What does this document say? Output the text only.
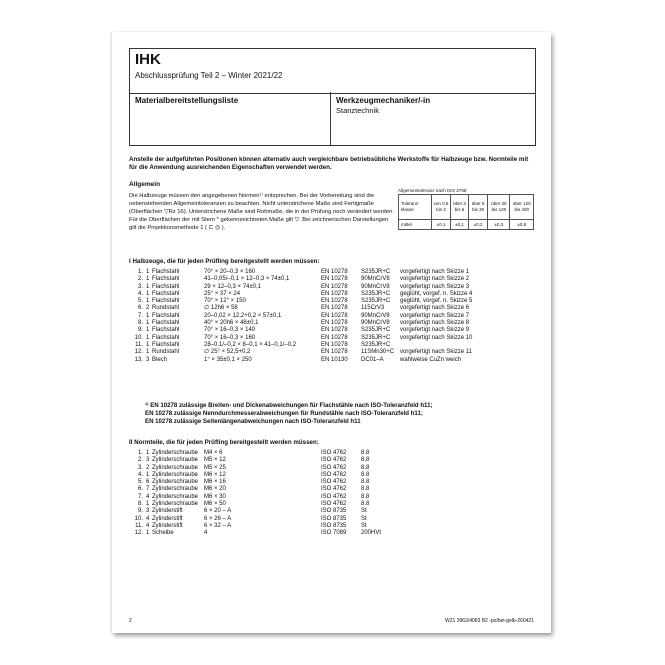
IHK
Abschlussprüfung Teil 2 – Winter 2021/22
Materialbereitstellungsliste	Werkzeugmechaniker/-in
Stanztechnik
Anstelle der aufgeführten Positionen können alternativ auch vergleichbare betriebsübliche Werkstoffe für Halbzeuge bzw. Normteile mit für die Anwendung ausreichenden Eigenschaften verwendet werden.
Allgemein

Die Halbzeuge müssen den angegebenen Normen¹⁾ entsprechen. Bei der Vorbereitung sind die nebenstehenden Allgemeintoleranzen zu beachten. Nicht unterstrichene Maße sind Fertigmaße (Oberflächen ▽Rz 16). Unterstrichene Maße sind Rohmaße, die in der Prüfung noch verändert werden. Für die Oberflächen der mit Stern * gekennzeichneten Maße gilt ▽. Bei zeichnerischen Darstellungen gilt die Projektionsmethode 1 ( ⊏ ◎ ).

Allgemeintoleranz nach ISO 2768
Toleranz-klasse	von 0,5 bis 3	über 3 bis 6	über 6 bis 30	über 30 bis 120	über 120 bis 400
mittel	±0,1	±0,1	±0,2	±0,3	±0,5
I Halbzeuge, die für jeden Prüfling bereitgestellt werden müssen:
1.	1	Flachstahl	70° × 20–0,3 × 160	EN 10278	S235JR+C	vorgefertigt nach Skizze 1
2.	1	Flachstahl	41–0,05/–0,1 × 12–0,3 × 74±0,1	EN 10278	90MnCrV8	vorgefertigt nach Skizze 2
3.	1	Flachstahl	29 × 12–0,3 × 74±0,1	EN 10278	90MnCrV8	vorgefertigt nach Skizze 3
4.	1	Flachstahl	25° × 37 × 24	EN 10278	S235JR+C	geglüht, vorgef. n. Skizze 4
5.	1	Flachstahl	70° × 12° × 150	EN 10278	S235JR+C	geglüht, vorgef. n. Skizze 5
6.	2	Rundstahl	∅ 12h6 × 58	EN 10278	115CrV3	vorgefertigt nach Skizze 6
7.	1	Flachstahl	20–0,02 × 12,2+0,2 × 57±0,1	EN 10278	90MnCrV8	vorgefertigt nach Skizze 7
8.	1	Flachstahl	40° × 20h6 × 48±0,1	EN 10278	90MnCrV8	vorgefertigt nach Skizze 8
9.	1	Flachstahl	70° × 16–0,3 × 140	EN 10278	S235JR+C	vorgefertigt nach Skizze 9
10.	1	Flachstahl	70° × 16–0,3 × 160	EN 10278	S235JR+C	vorgefertigt nach Skizze 10
11.	1	Flachstahl	28–0,1/–0,2 × 8–0,1 × 41–0,1/–0,2	EN 10278	S235JR+C	
12.	1	Rundstahl	∅ 25° × 52,5+0,2	EN 10278	11SMn30+C	vorgefertigt nach Skizze 11
13.	3	Blech	1° × 35±0,1 × 250	EN 10130	DC01–A	wahlweise CuZn weich
¹⁾ EN 10278 zulässige Breiten- und Dickenabweichungen für Flachstähle nach ISO-Toleranzfeld h11;
EN 10278 zulässige Nenndurchmesserabweichungen für Rundstähle nach ISO-Toleranzfeld h11;
EN 10278 zulässige Seitenlängenabweichungen nach ISO-Toleranzfeld h11
II Normteile, die für jeden Prüfling bereitgestellt werden müssen:
1.	1	Zylinderschraube	M4 × 6	ISO 4762	8.8
2.	3	Zylinderschraube	M5 × 12	ISO 4762	8.8
3.	2	Zylinderschraube	M5 × 25	ISO 4762	8.8
4.	1	Zylinderschraube	M6 × 12	ISO 4762	8.8
5.	6	Zylinderschraube	M6 × 16	ISO 4762	8.8
6.	7	Zylinderschraube	M6 × 20	ISO 4762	8.8
7.	4	Zylinderschraube	M6 × 30	ISO 4762	8.8
8.	1	Zylinderschraube	M6 × 50	ISO 4762	8.8
9.	3	Zylinderstift	6 × 20 – A	ISO 8735	St
10.	4	Zylinderstift	6 × 26 – A	ISO 8735	St
11.	4	Zylinderstift	6 × 32 – A	ISO 8735	St
12.	1	Scheibe	4	ISO 7089	200HVt
2	W21 3963/4063 B2 -po/bei-gelb-260421
